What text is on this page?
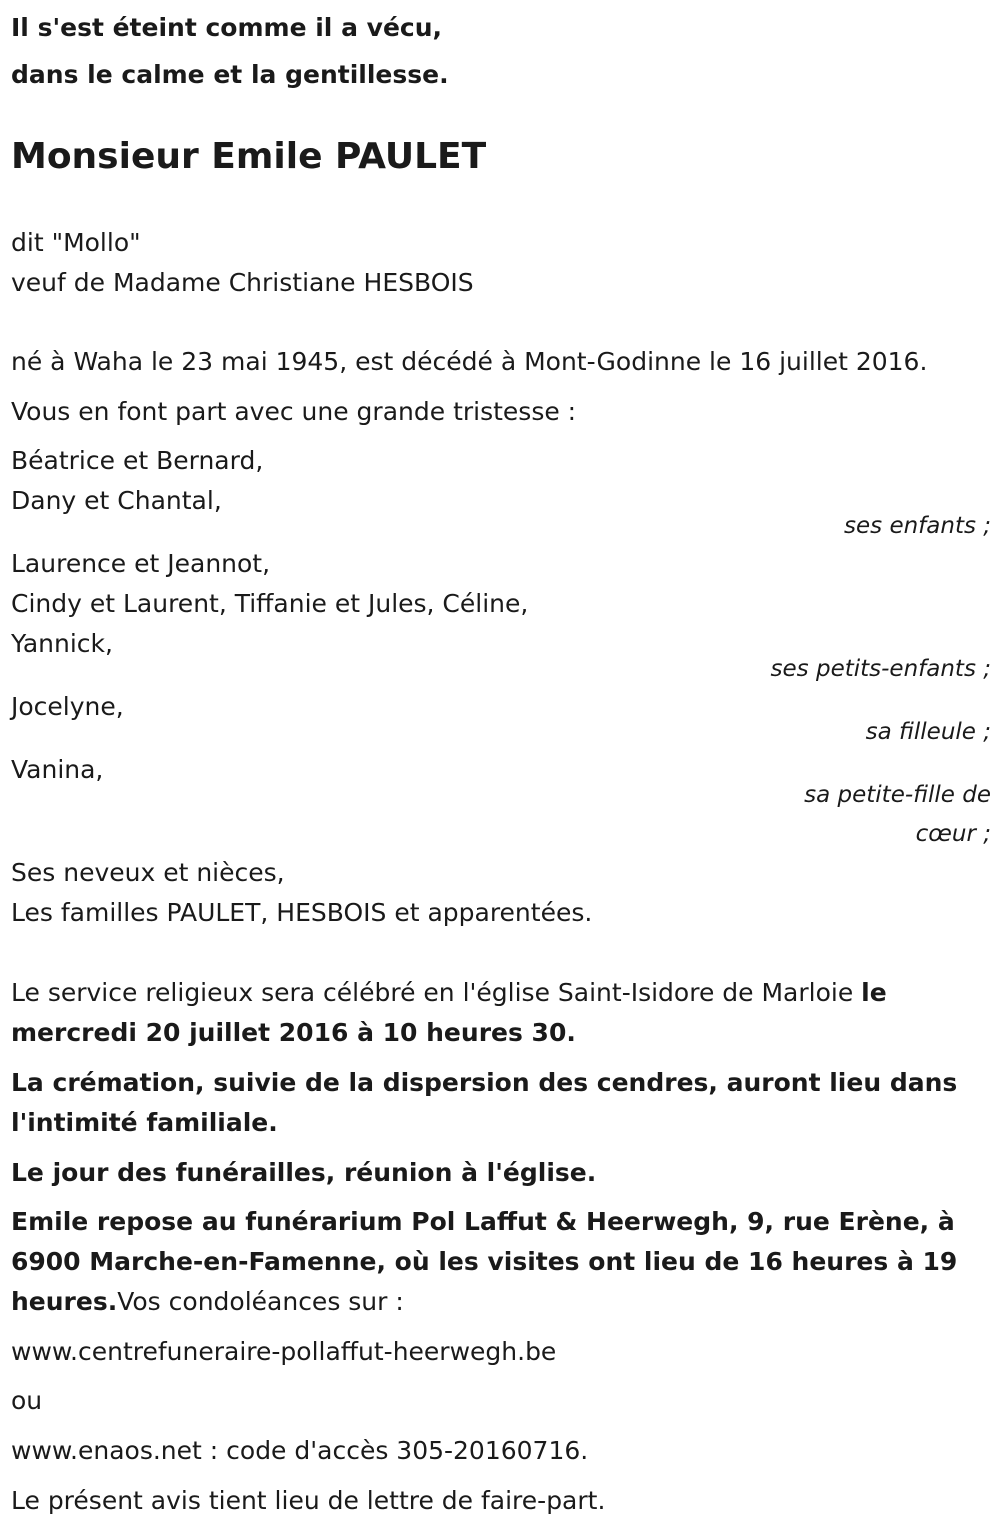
Il s'est éteint comme il a vécu,
dans le calme et la gentillesse.
Monsieur Emile PAULET
dit "Mollo"
veuf de Madame Christiane HESBOIS
né à Waha le 23 mai 1945, est décédé à Mont-Godinne le 16 juillet 2016.
Vous en font part avec une grande tristesse :
Béatrice et Bernard,
Dany et Chantal,
ses enfants ;
Laurence et Jeannot,
Cindy et Laurent, Tiffanie et Jules, Céline,
Yannick,
ses petits-enfants ;
Jocelyne,
sa filleule ;
Vanina,
sa petite-fille de
cœur ;
Ses neveux et nièces,
Les familles PAULET, HESBOIS et apparentées.
Le service religieux sera célébré en l'église Saint-Isidore de Marloie le
mercredi 20 juillet 2016 à 10 heures 30.
La crémation, suivie de la dispersion des cendres, auront lieu dans
l'intimité familiale.
Le jour des funérailles, réunion à l'église.
Emile repose au funérarium Pol Laffut & Heerwegh, 9, rue Erène, à
6900 Marche-en-Famenne, où les visites ont lieu de 16 heures à 19
heures.Vos condoléances sur :
www.centrefuneraire-pollaffut-heerwegh.be
ou
www.enaos.net : code d'accès 305-20160716.
Le présent avis tient lieu de lettre de faire-part.
